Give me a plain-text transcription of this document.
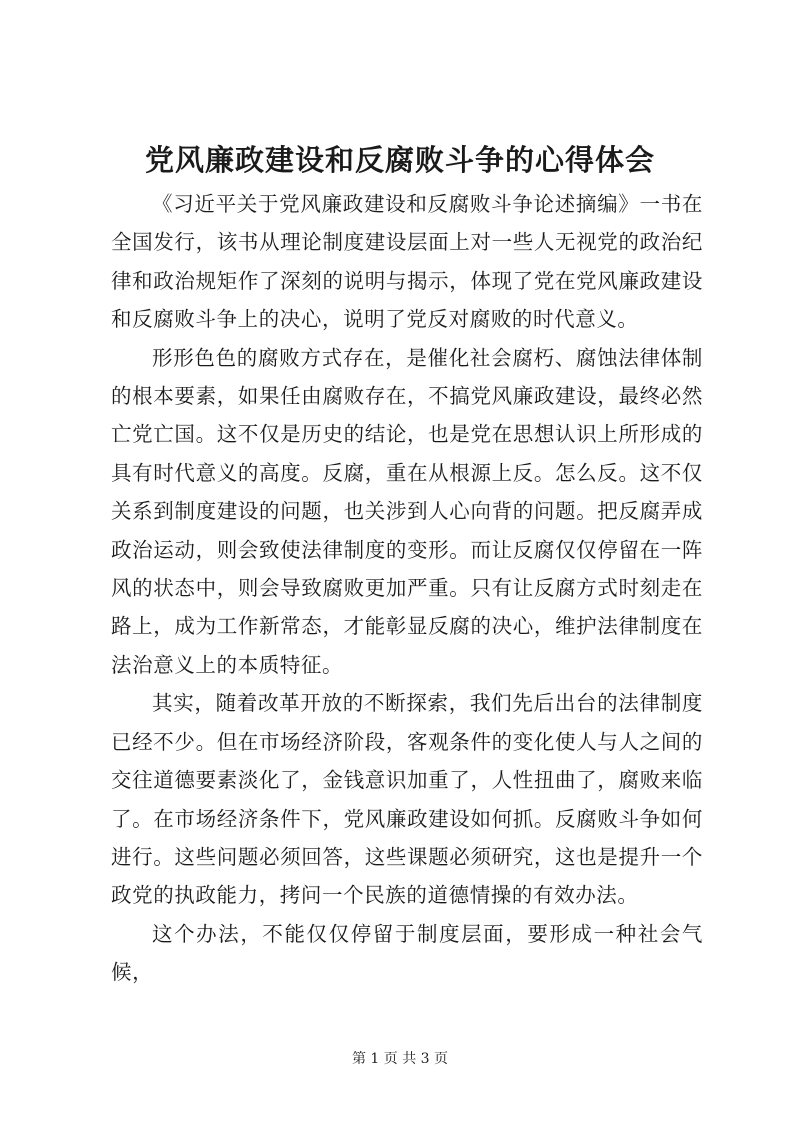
党风廉政建设和反腐败斗争的心得体会

《习近平关于党风廉政建设和反腐败斗争论述摘编》一书在全国发行，该书从理论制度建设层面上对一些人无视党的政治纪律和政治规矩作了深刻的说明与揭示，体现了党在党风廉政建设和反腐败斗争上的决心，说明了党反对腐败的时代意义。

形形色色的腐败方式存在，是催化社会腐朽、腐蚀法律体制的根本要素，如果任由腐败存在，不搞党风廉政建设，最终必然亡党亡国。这不仅是历史的结论，也是党在思想认识上所形成的具有时代意义的高度。反腐，重在从根源上反。怎么反。这不仅关系到制度建设的问题，也关涉到人心向背的问题。把反腐弄成政治运动，则会致使法律制度的变形。而让反腐仅仅停留在一阵风的状态中，则会导致腐败更加严重。只有让反腐方式时刻走在路上，成为工作新常态，才能彰显反腐的决心，维护法律制度在法治意义上的本质特征。

其实，随着改革开放的不断探索，我们先后出台的法律制度已经不少。但在市场经济阶段，客观条件的变化使人与人之间的交往道德要素淡化了，金钱意识加重了，人性扭曲了，腐败来临了。在市场经济条件下，党风廉政建设如何抓。反腐败斗争如何进行。这些问题必须回答，这些课题必须研究，这也是提升一个政党的执政能力，拷问一个民族的道德情操的有效办法。

这个办法，不能仅仅停留于制度层面，要形成一种社会气候，

第 1 页 共 3 页
